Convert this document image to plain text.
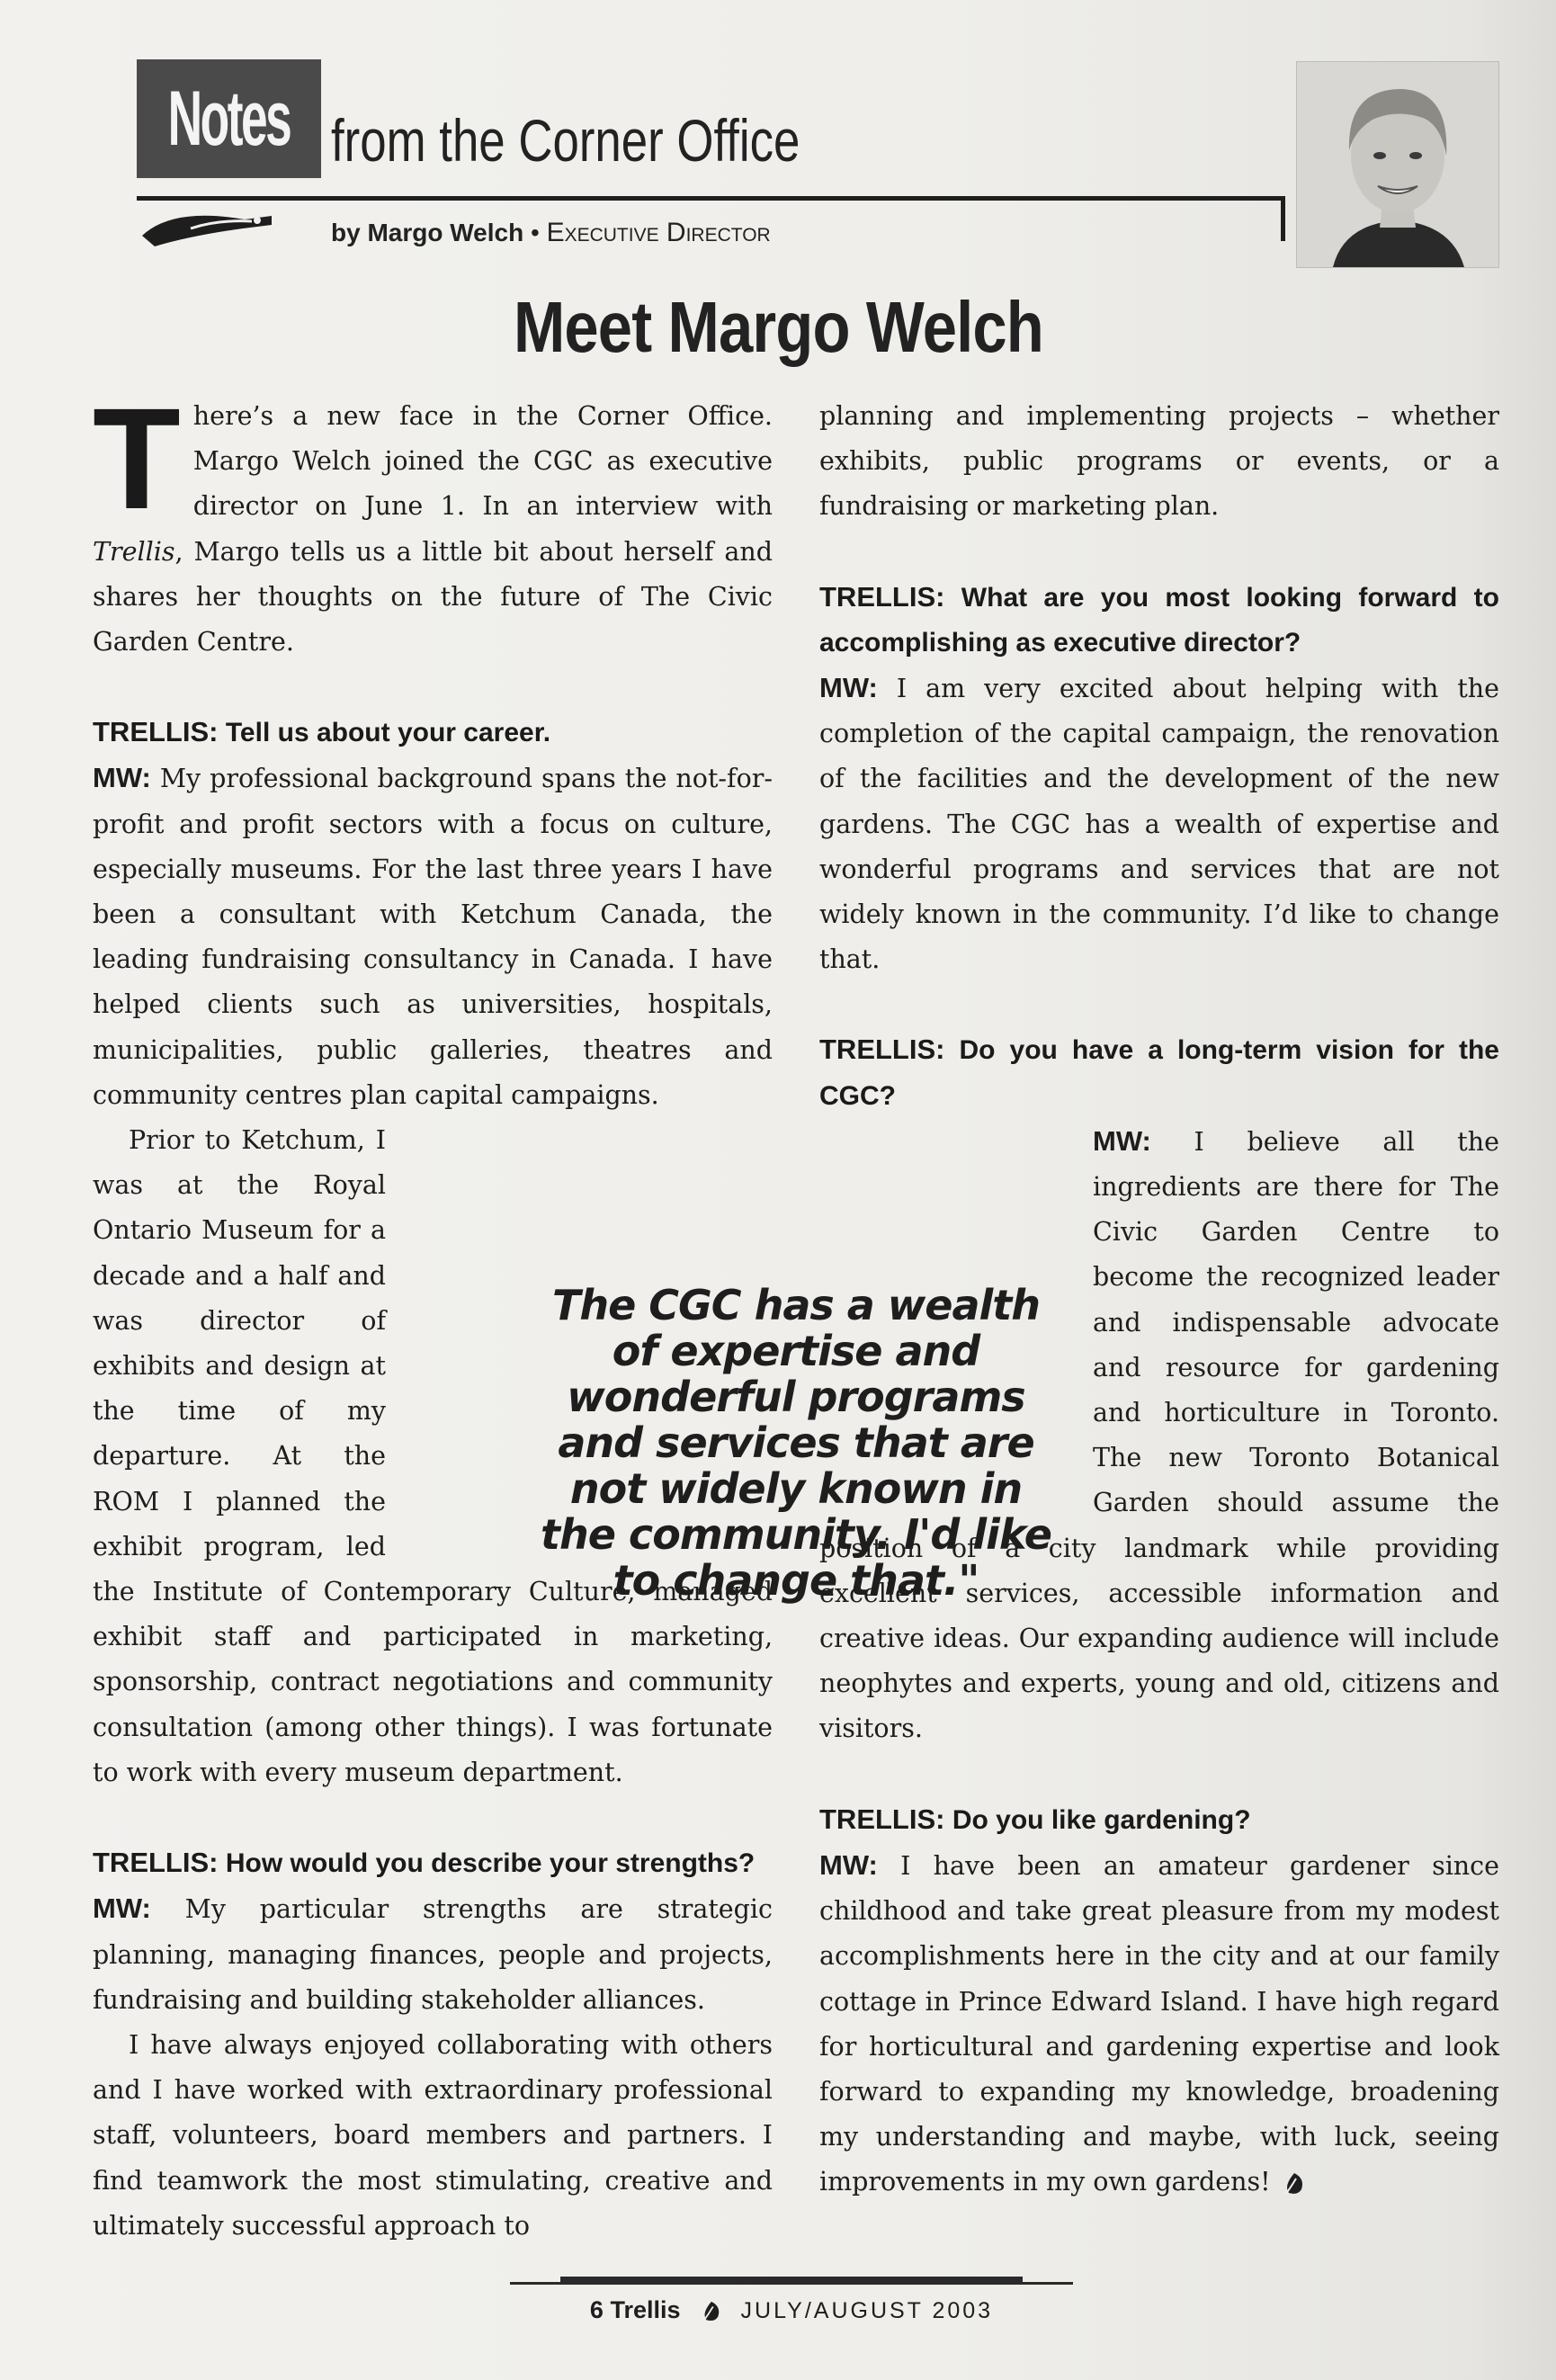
Notes from the Corner Office
by Margo Welch • Executive Director
Meet Margo Welch

There’s a new face in the Corner Office. Margo Welch joined the CGC as executive director on June 1. In an interview with Trellis, Margo tells us a little bit about herself and shares her thoughts on the future of The Civic Garden Centre.

TRELLIS: Tell us about your career.

MW: My professional background spans the not-for-profit and profit sectors with a focus on culture, especially museums. For the last three years I have been a consultant with Ketchum Canada, the leading fundraising consultancy in Canada. I have helped clients such as universities, hospitals, municipalities, public galleries, theatres and community centres plan capital campaigns.

Prior to Ketchum, I was at the Royal Ontario Museum for a decade and a half and was director of exhibits and design at the time of my departure. At the ROM I planned the exhibit program, led the Institute of Contemporary Culture, managed exhibit staff and participated in marketing, sponsorship, contract negotiations and community consultation (among other things). I was fortunate to work with every museum department.

TRELLIS: How would you describe your strengths?

MW: My particular strengths are strategic planning, managing finances, people and projects, fundraising and building stakeholder alliances.

I have always enjoyed collaborating with others and I have worked with extraordinary professional staff, volunteers, board members and partners. I find teamwork the most stimulating, creative and ultimately successful approach to

planning and implementing projects – whether exhibits, public programs or events, or a fundraising or marketing plan.

TRELLIS: What are you most looking forward to accomplishing as executive director?

MW: I am very excited about helping with the completion of the capital campaign, the renovation of the facilities and the development of the new gardens. The CGC has a wealth of expertise and wonderful programs and services that are not widely known in the community. I’d like to change that.

TRELLIS: Do you have a long-term vision for the CGC?

MW: I believe all the ingredients are there for The Civic Garden Centre to become the recognized leader and indispensable advocate and resource for gardening and horticulture in Toronto. The new Toronto Botanical Garden should assume the position of a city landmark while providing excellent services, accessible information and creative ideas. Our expanding audience will include neophytes and experts, young and old, citizens and visitors.

TRELLIS: Do you like gardening?

MW: I have been an amateur gardener since childhood and take great pleasure from my modest accomplishments here in the city and at our family cottage in Prince Edward Island. I have high regard for horticultural and gardening expertise and look forward to expanding my knowledge, broadening my understanding and maybe, with luck, seeing improvements in my own gardens!

The CGC has a wealth of expertise and wonderful programs and services that are not widely known in the community. I'd like to change that."
6 Trellis	JULY/AUGUST 2003
